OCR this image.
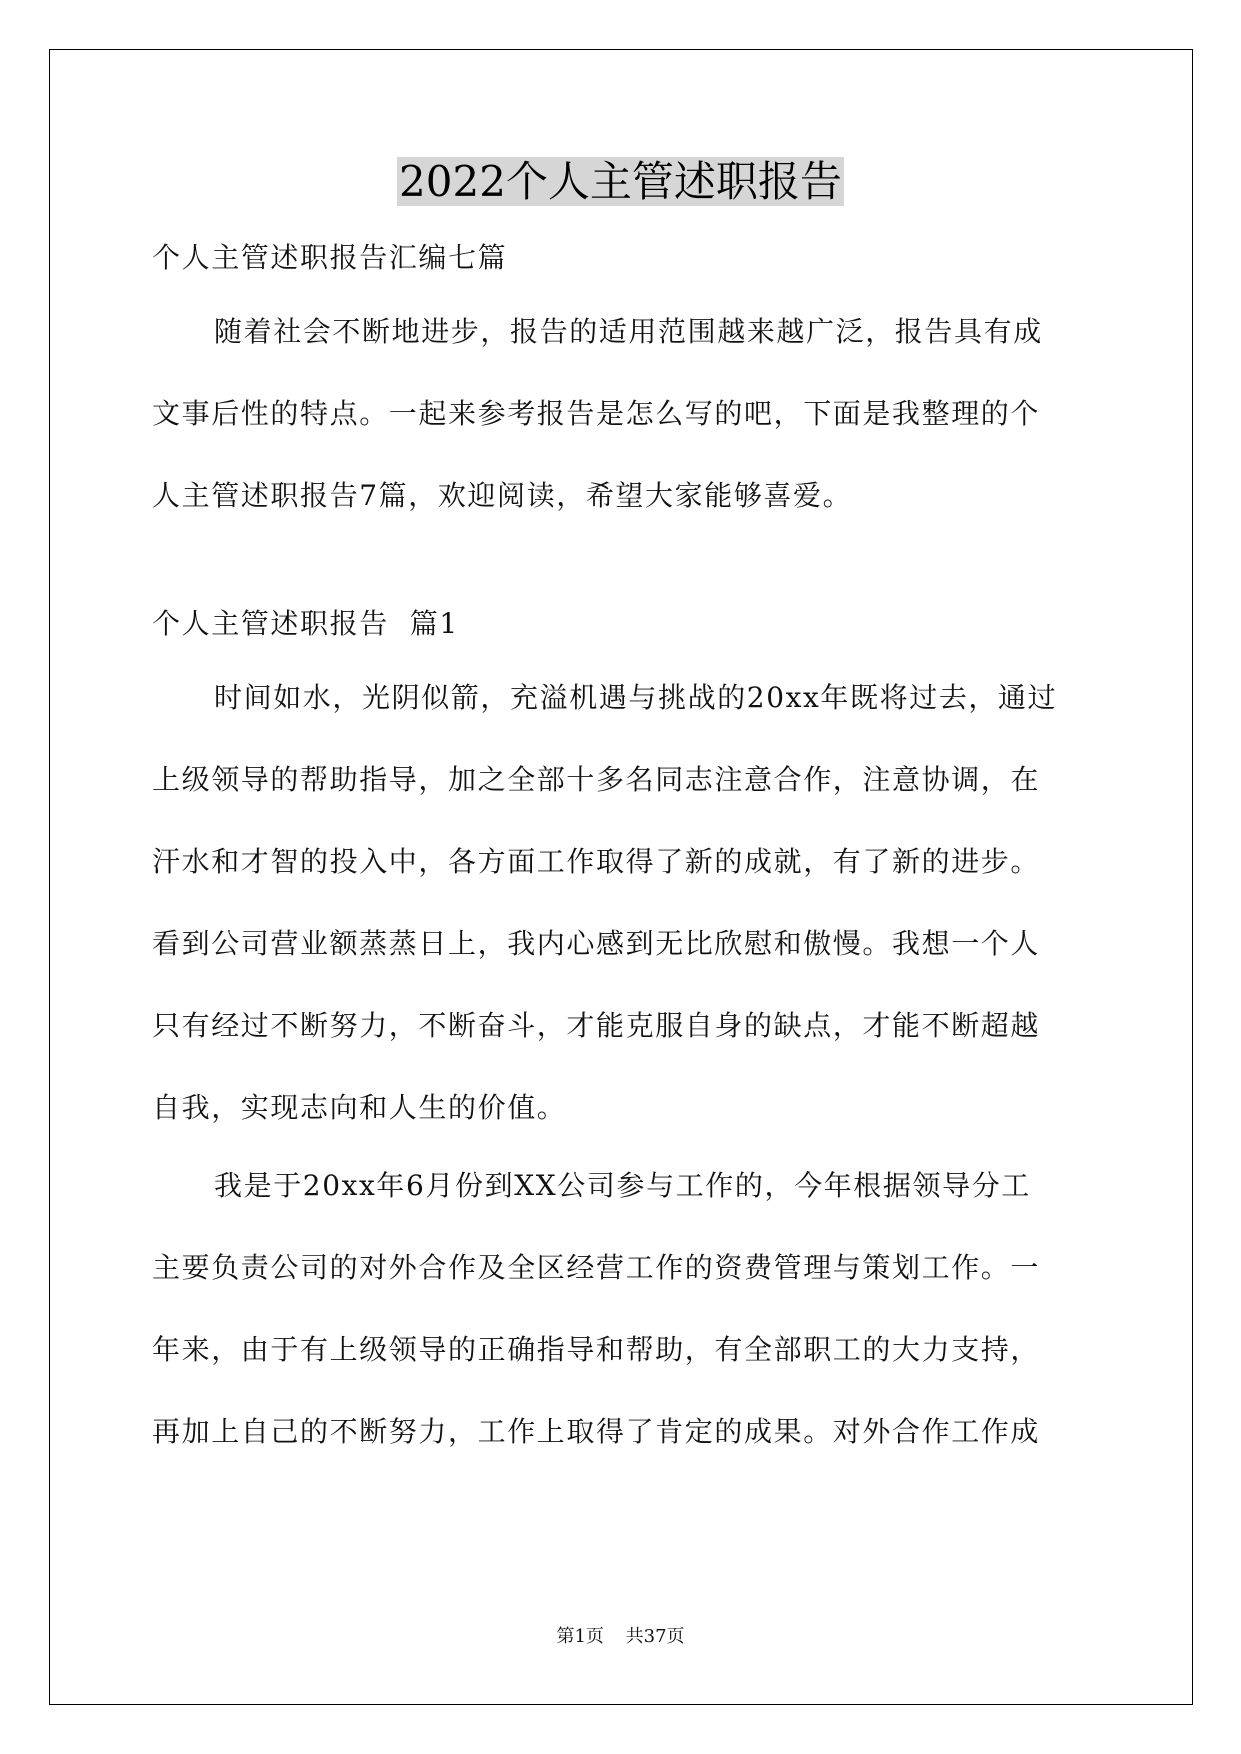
2022个人主管述职报告

个人主管述职报告汇编七篇

随着社会不断地进步，报告的适用范围越来越广泛，报告具有成
文事后性的特点。一起来参考报告是怎么写的吧，下面是我整理的个
人主管述职报告7篇，欢迎阅读，希望大家能够喜爱。

个人主管述职报告  篇1

时间如水，光阴似箭，充溢机遇与挑战的20xx年既将过去，通过
上级领导的帮助指导，加之全部十多名同志注意合作，注意协调，在
汗水和才智的投入中，各方面工作取得了新的成就，有了新的进步。
看到公司营业额蒸蒸日上，我内心感到无比欣慰和傲慢。我想一个人
只有经过不断努力，不断奋斗，才能克服自身的缺点，才能不断超越
自我，实现志向和人生的价值。

我是于20xx年6月份到XX公司参与工作的，今年根据领导分工
主要负责公司的对外合作及全区经营工作的资费管理与策划工作。一
年来，由于有上级领导的正确指导和帮助，有全部职工的大力支持，
再加上自己的不断努力，工作上取得了肯定的成果。对外合作工作成

第1页 共37页
